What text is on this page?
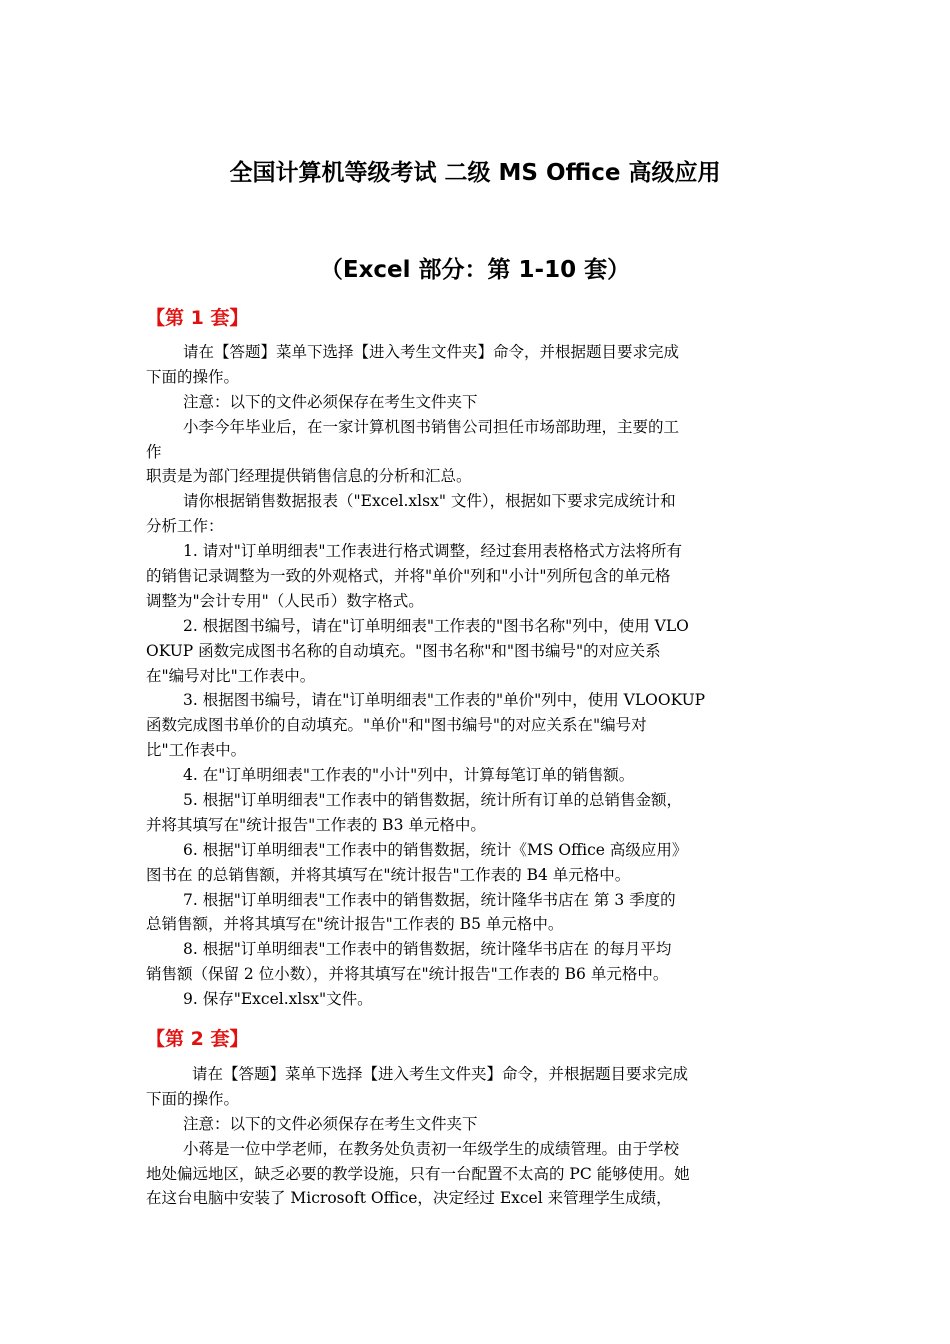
全国计算机等级考试 二级 MS Office 高级应用
（Excel 部分：第 1-10 套）
【第 1 套】
请在【答题】菜单下选择【进入考生文件夹】命令，并根据题目要求完成
下面的操作。
注意：以下的文件必须保存在考生文件夹下
小李今年毕业后，在一家计算机图书销售公司担任市场部助理，主要的工
作
职责是为部门经理提供销售信息的分析和汇总。
请你根据销售数据报表（"Excel.xlsx" 文件），根据如下要求完成统计和
分析工作：
1. 请对"订单明细表"工作表进行格式调整，经过套用表格格式方法将所有
的销售记录调整为一致的外观格式，并将"单价"列和"小计"列所包含的单元格
调整为"会计专用"（人民币）数字格式。
2. 根据图书编号，请在"订单明细表"工作表的"图书名称"列中，使用 VLO
OKUP 函数完成图书名称的自动填充。"图书名称"和"图书编号"的对应关系
在"编号对比"工作表中。
3. 根据图书编号，请在"订单明细表"工作表的"单价"列中，使用 VLOOKUP
函数完成图书单价的自动填充。"单价"和"图书编号"的对应关系在"编号对
比"工作表中。
4. 在"订单明细表"工作表的"小计"列中，计算每笔订单的销售额。
5. 根据"订单明细表"工作表中的销售数据，统计所有订单的总销售金额，
并将其填写在"统计报告"工作表的 B3 单元格中。
6. 根据"订单明细表"工作表中的销售数据，统计《MS Office 高级应用》
图书在 的总销售额，并将其填写在"统计报告"工作表的 B4 单元格中。
7. 根据"订单明细表"工作表中的销售数据，统计隆华书店在 第 3 季度的
总销售额，并将其填写在"统计报告"工作表的 B5 单元格中。
8. 根据"订单明细表"工作表中的销售数据，统计隆华书店在 的每月平均
销售额（保留 2 位小数），并将其填写在"统计报告"工作表的 B6 单元格中。
9. 保存"Excel.xlsx"文件。
【第 2 套】
请在【答题】菜单下选择【进入考生文件夹】命令，并根据题目要求完成
下面的操作。
注意：以下的文件必须保存在考生文件夹下
小蒋是一位中学老师，在教务处负责初一年级学生的成绩管理。由于学校
地处偏远地区，缺乏必要的教学设施，只有一台配置不太高的 PC 能够使用。她
在这台电脑中安装了 Microsoft Office，决定经过 Excel 来管理学生成绩，
